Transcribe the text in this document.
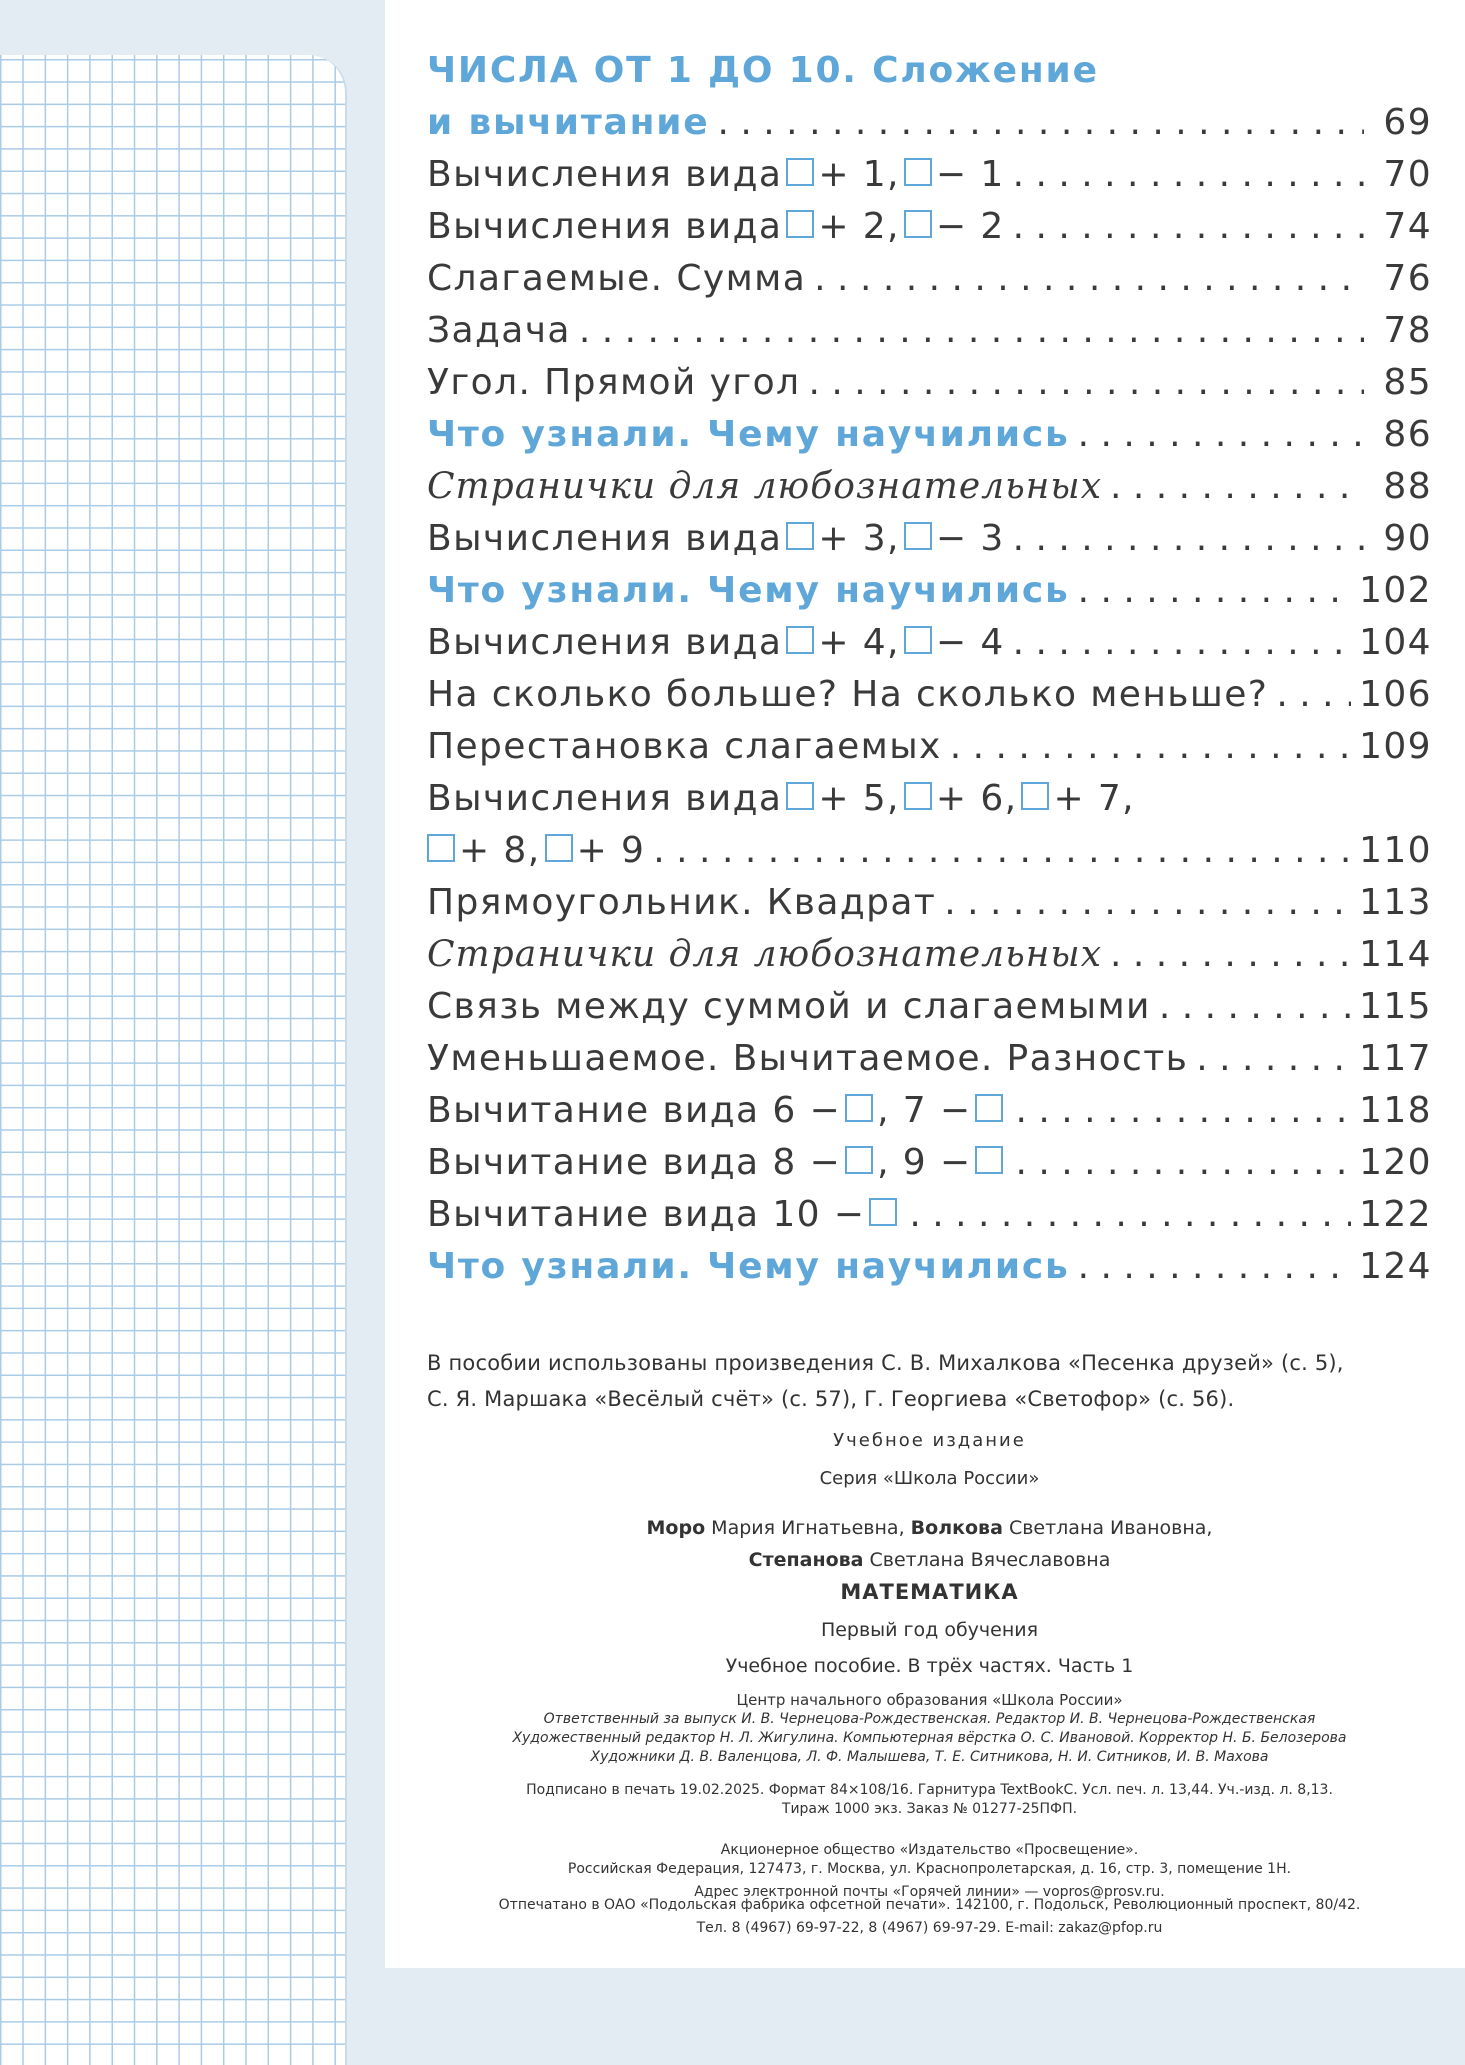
ЧИСЛА ОТ 1 ДО 10. Сложение
и вычитание . . .	69
Вычисления вида + 1, − 1 . . .	70
Вычисления вида + 2, − 2 . . .	74
Слагаемые. Сумма . . .	76
Задача . . .	78
Угол. Прямой угол . . .	85
Что узнали. Чему научились . . .	86
Странички для любознательных . . .	88
Вычисления вида + 3, − 3 . . .	90
Что узнали. Чему научились . . .	102
Вычисления вида + 4, − 4 . . .	104
На сколько больше? На сколько меньше? . . .	106
Перестановка слагаемых . . .	109
Вычисления вида + 5, + 6, + 7,
+ 8, + 9 . . .	110
Прямоугольник. Квадрат . . .	113
Странички для любознательных . . .	114
Связь между суммой и слагаемыми . . .	115
Уменьшаемое. Вычитаемое. Разность . . .	117
Вычитание вида 6 − , 7 − . . .	118
Вычитание вида 8 − , 9 − . . .	120
Вычитание вида 10 − . . .	122
Что узнали. Чему научились . . .	124
В пособии использованы произведения С. В. Михалкова «Песенка друзей» (с. 5),
С. Я. Маршака «Весёлый счёт» (с. 57), Г. Георгиева «Светофор» (с. 56).
Учебное издание
Серия «Школа России»
Моро Мария Игнатьевна, Волкова Светлана Ивановна,
Степанова Светлана Вячеславовна
МАТЕМАТИКА
Первый год обучения
Учебное пособие. В трёх частях. Часть 1
Центр начального образования «Школа России»
Ответственный за выпуск И. В. Чернецова-Рождественская. Редактор И. В. Чернецова-Рождественская
Художественный редактор Н. Л. Жигулина. Компьютерная вёрстка О. С. Ивановой. Корректор Н. Б. Белозерова
Художники Д. В. Валенцова, Л. Ф. Малышева, Т. Е. Ситникова, Н. И. Ситников, И. В. Махова
Подписано в печать 19.02.2025. Формат 84×108/16. Гарнитура TextBookC. Усл. печ. л. 13,44. Уч.-изд. л. 8,13.
Тираж 1000 экз. Заказ № 01277-25ПФП.
Акционерное общество «Издательство «Просвещение».
Российская Федерация, 127473, г. Москва, ул. Краснопролетарская, д. 16, стр. 3, помещение 1Н.
Адрес электронной почты «Горячей линии» — vopros@prosv.ru.
Отпечатано в ОАО «Подольская фабрика офсетной печати». 142100, г. Подольск, Революционный проспект, 80/42.
Тел. 8 (4967) 69-97-22, 8 (4967) 69-97-29. E-mail: zakaz@pfop.ru
